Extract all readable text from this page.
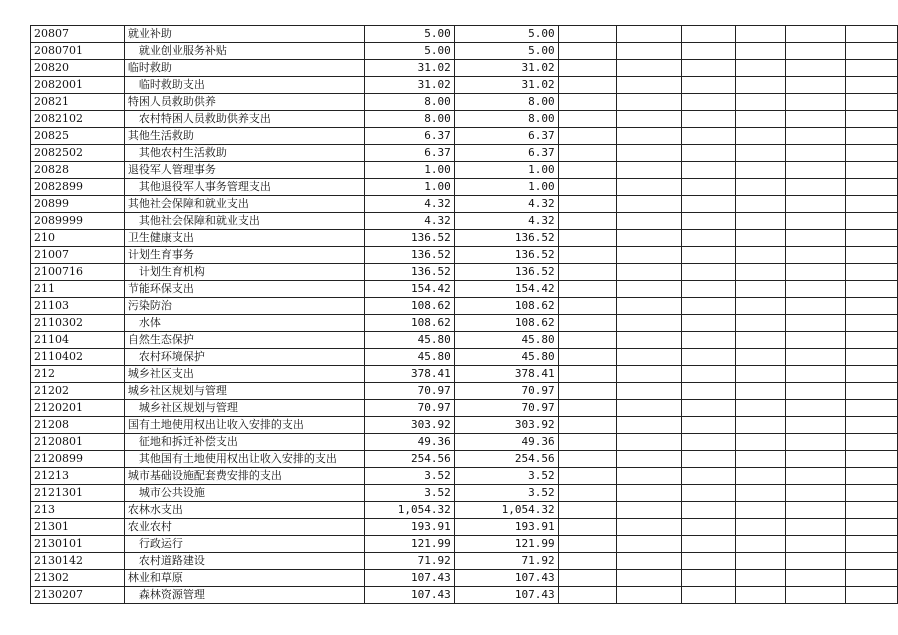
20807	就业补助	5.00	5.00						
2080701	就业创业服务补贴	5.00	5.00						
20820	临时救助	31.02	31.02						
2082001	临时救助支出	31.02	31.02						
20821	特困人员救助供养	8.00	8.00						
2082102	农村特困人员救助供养支出	8.00	8.00						
20825	其他生活救助	6.37	6.37						
2082502	其他农村生活救助	6.37	6.37						
20828	退役军人管理事务	1.00	1.00						
2082899	其他退役军人事务管理支出	1.00	1.00						
20899	其他社会保障和就业支出	4.32	4.32						
2089999	其他社会保障和就业支出	4.32	4.32						
210	卫生健康支出	136.52	136.52						
21007	计划生育事务	136.52	136.52						
2100716	计划生育机构	136.52	136.52						
211	节能环保支出	154.42	154.42						
21103	污染防治	108.62	108.62						
2110302	水体	108.62	108.62						
21104	自然生态保护	45.80	45.80						
2110402	农村环境保护	45.80	45.80						
212	城乡社区支出	378.41	378.41						
21202	城乡社区规划与管理	70.97	70.97						
2120201	城乡社区规划与管理	70.97	70.97						
21208	国有土地使用权出让收入安排的支出	303.92	303.92						
2120801	征地和拆迁补偿支出	49.36	49.36						
2120899	其他国有土地使用权出让收入安排的支出	254.56	254.56						
21213	城市基础设施配套费安排的支出	3.52	3.52						
2121301	城市公共设施	3.52	3.52						
213	农林水支出	1,054.32	1,054.32						
21301	农业农村	193.91	193.91						
2130101	行政运行	121.99	121.99						
2130142	农村道路建设	71.92	71.92						
21302	林业和草原	107.43	107.43						
2130207	森林资源管理	107.43	107.43						
